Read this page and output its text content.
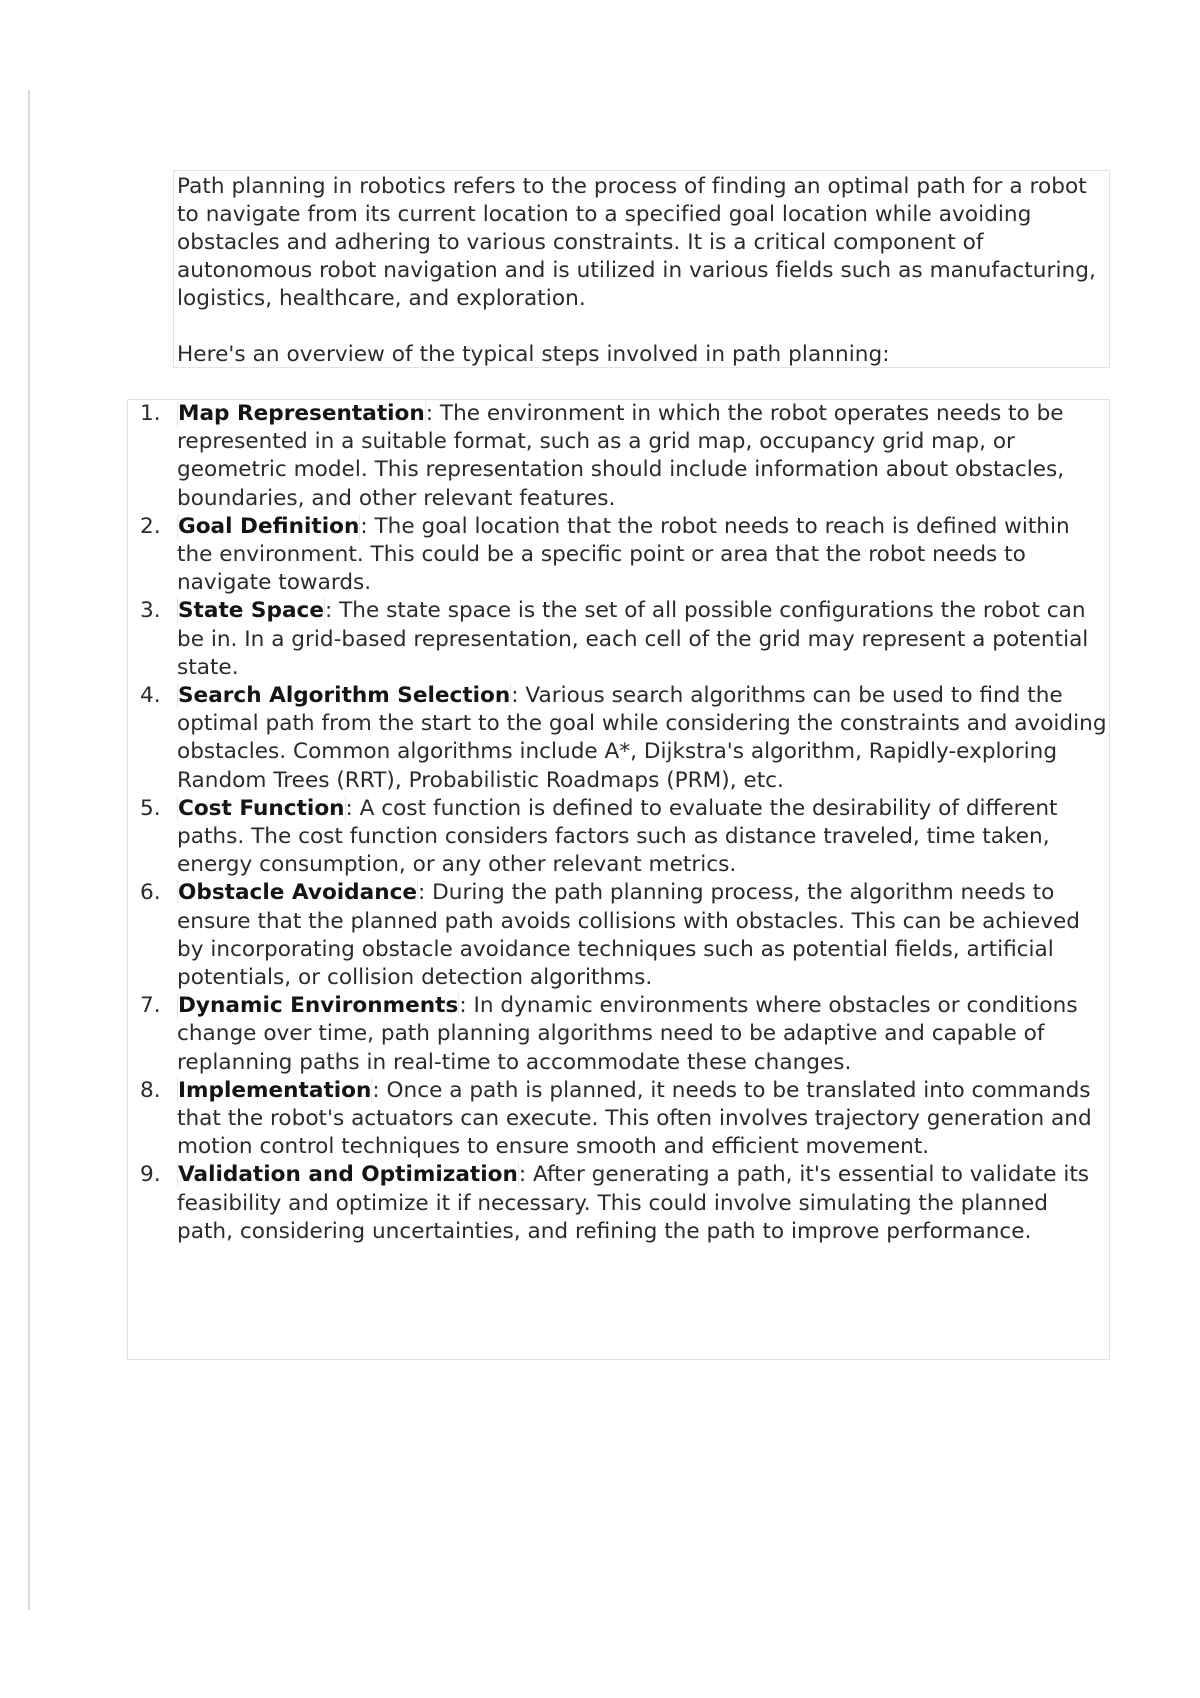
Path planning in robotics refers to the process of finding an optimal path for a robot to navigate from its current location to a specified goal location while avoiding obstacles and adhering to various constraints. It is a critical component of autonomous robot navigation and is utilized in various fields such as manufacturing, logistics, healthcare, and exploration.

Here's an overview of the typical steps involved in path planning:

1. Map Representation: The environment in which the robot operates needs to be represented in a suitable format, such as a grid map, occupancy grid map, or geometric model. This representation should include information about obstacles, boundaries, and other relevant features.
2. Goal Definition: The goal location that the robot needs to reach is defined within the environment. This could be a specific point or area that the robot needs to navigate towards.
3. State Space: The state space is the set of all possible configurations the robot can be in. In a grid-based representation, each cell of the grid may represent a potential state.
4. Search Algorithm Selection: Various search algorithms can be used to find the optimal path from the start to the goal while considering the constraints and avoiding obstacles. Common algorithms include A*, Dijkstra's algorithm, Rapidly-exploring Random Trees (RRT), Probabilistic Roadmaps (PRM), etc.
5. Cost Function: A cost function is defined to evaluate the desirability of different paths. The cost function considers factors such as distance traveled, time taken, energy consumption, or any other relevant metrics.
6. Obstacle Avoidance: During the path planning process, the algorithm needs to ensure that the planned path avoids collisions with obstacles. This can be achieved by incorporating obstacle avoidance techniques such as potential fields, artificial potentials, or collision detection algorithms.
7. Dynamic Environments: In dynamic environments where obstacles or conditions change over time, path planning algorithms need to be adaptive and capable of replanning paths in real-time to accommodate these changes.
8. Implementation: Once a path is planned, it needs to be translated into commands that the robot's actuators can execute. This often involves trajectory generation and motion control techniques to ensure smooth and efficient movement.
9. Validation and Optimization: After generating a path, it's essential to validate its feasibility and optimize it if necessary. This could involve simulating the planned path, considering uncertainties, and refining the path to improve performance.
